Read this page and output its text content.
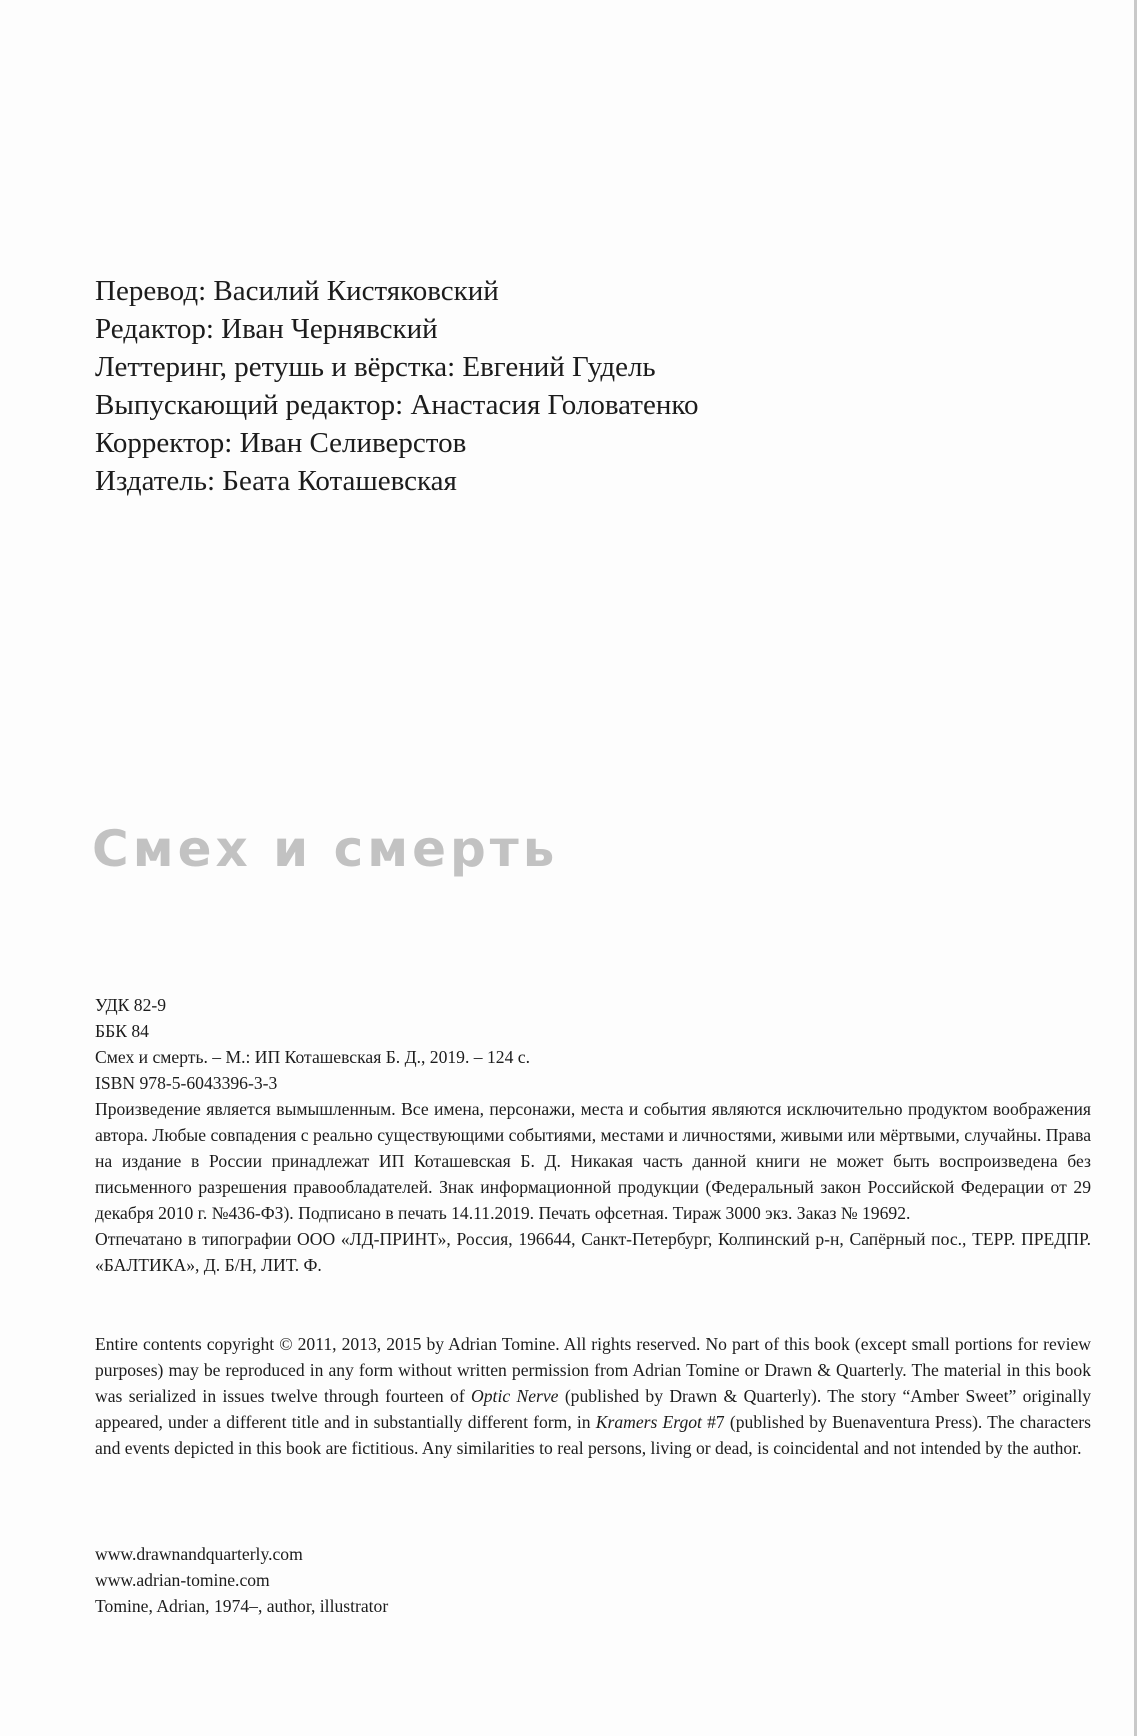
Перевод: Василий Кистяковский
Редактор: Иван Чернявский
Леттеринг, ретушь и вёрстка: Евгений Гудель
Выпускающий редактор: Анастасия Головатенко
Корректор: Иван Селиверстов
Издатель: Беата Коташевская
Смех и смерть
УДК 82-9
ББК 84
Смех и смерть. – М.: ИП Коташевская Б. Д., 2019. – 124 с.
ISBN 978-5-6043396-3-3

Произведение является вымышленным. Все имена, персонажи, места и события являются исключительно продуктом воображения автора. Любые совпадения с реально существующими событиями, местами и личностями, живыми или мёртвыми, случайны. Права на издание в России принадлежат ИП Коташевская Б. Д. Никакая часть данной книги не может быть воспроизведена без письменного разрешения правообладателей. Знак информационной продукции (Федеральный закон Российской Федерации от 29 декабря 2010 г. №436-ФЗ). Подписано в печать 14.11.2019. Печать офсетная. Тираж 3000 экз. Заказ № 19692.

Отпечатано в типографии ООО «ЛД-ПРИНТ», Россия, 196644, Санкт-Петербург, Колпинский р-н, Сапёрный пос., ТЕРР. ПРЕДПР. «БАЛТИКА», Д. Б/Н, ЛИТ. Ф.

Entire contents copyright © 2011, 2013, 2015 by Adrian Tomine. All rights reserved. No part of this book (except small portions for review purposes) may be reproduced in any form without written permission from Adrian Tomine or Drawn & Quarterly. The material in this book was serialized in issues twelve through fourteen of Optic Nerve (published by Drawn & Quarterly). The story “Amber Sweet” originally appeared, under a different title and in substantially different form, in Kramers Ergot #7 (published by Buenaventura Press). The characters and events depicted in this book are fictitious. Any similarities to real persons, living or dead, is coincidental and not intended by the author.

www.drawnandquarterly.com
www.adrian-tomine.com
Tomine, Adrian, 1974–, author, illustrator
